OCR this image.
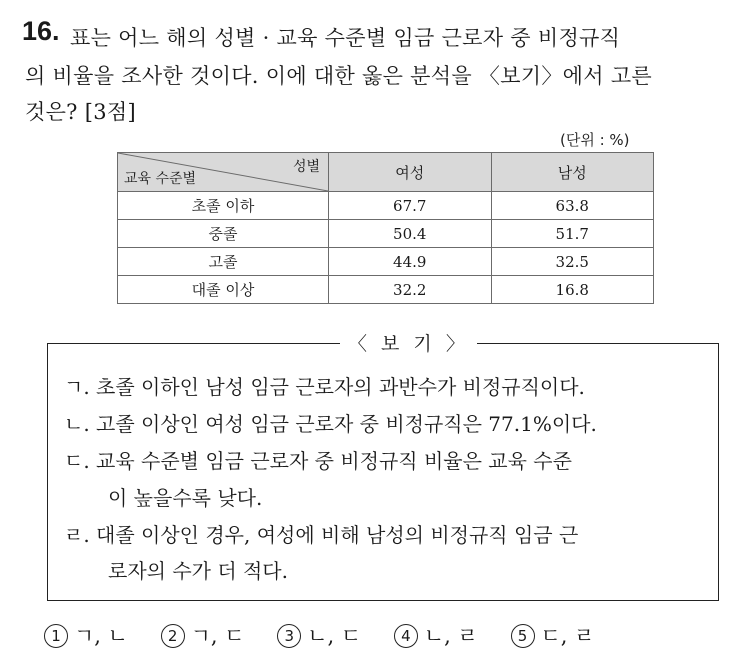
16. 표는 어느 해의 성별 · 교육 수준별 임금 근로자 중 비정규직
의 비율을 조사한 것이다. 이에 대한 옳은 분석을 〈보기〉에서 고른
것은? [3점]
(단위 : %)
성별
교육 수준별	여성	남성
초졸 이하	67.7	63.8
중졸	50.4	51.7
고졸	44.9	32.5
대졸 이상	32.2	16.8
〈 보 기 〉
ㄱ. 초졸 이하인 남성 임금 근로자의 과반수가 비정규직이다.
ㄴ. 고졸 이상인 여성 임금 근로자 중 비정규직은 77.1%이다.
ㄷ. 교육 수준별 임금 근로자 중 비정규직 비율은 교육 수준
이 높을수록 낮다.
ㄹ. 대졸 이상인 경우, 여성에 비해 남성의 비정규직 임금 근
로자의 수가 더 적다.
1 ㄱ, ㄴ	2 ㄱ, ㄷ	3 ㄴ, ㄷ	4 ㄴ, ㄹ	5 ㄷ, ㄹ
